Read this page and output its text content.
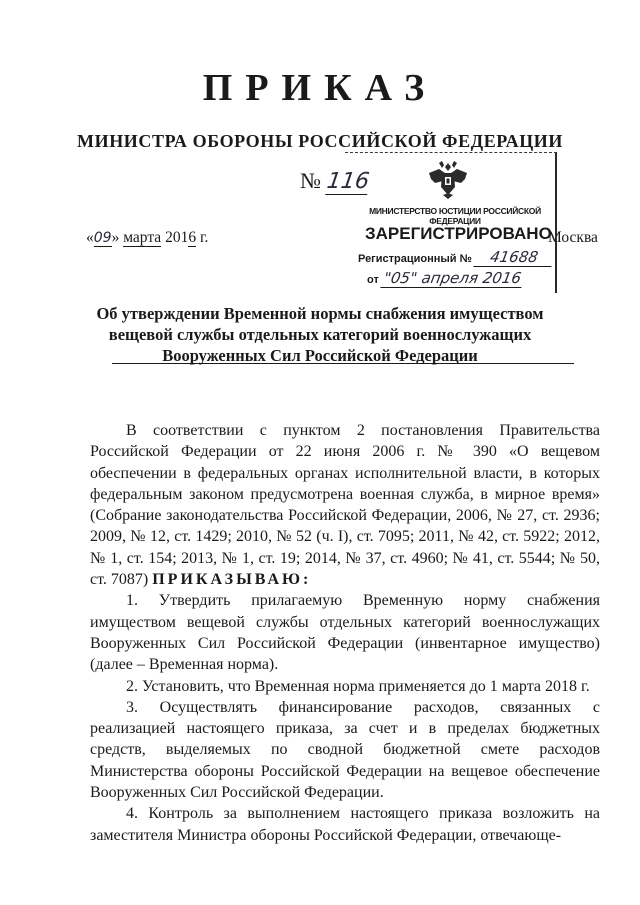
ПРИКАЗ
МИНИСТРА ОБОРОНЫ РОССИЙСКОЙ ФЕДЕРАЦИИ
№ 116
«09» марта 2016 г.	Москва
МИНИСТЕРСТВО ЮСТИЦИИ РОССИЙСКОЙ ФЕДЕРАЦИИ
ЗАРЕГИСТРИРОВАНО
Регистрационный № 41688
от "05" апреля 2016
Об утверждении Временной нормы снабжения имуществом
вещевой службы отдельных категорий военнослужащих
Вооруженных Сил Российской Федерации

В соответствии с пунктом 2 постановления Правительства Российской Федерации от 22 июня 2006 г. № 390 «О вещевом обеспечении в федеральных органах исполнительной власти, в которых федеральным законом предусмотрена военная служба, в мирное время» (Собрание законодательства Российской Федерации, 2006, № 27, ст. 2936; 2009, № 12, ст. 1429; 2010, № 52 (ч. I), ст. 7095; 2011, № 42, ст. 5922; 2012, № 1, ст. 154; 2013, № 1, ст. 19; 2014, № 37, ст. 4960; № 41, ст. 5544; № 50, ст. 7087) ПРИКАЗЫВАЮ:

1. Утвердить прилагаемую Временную норму снабжения имуществом вещевой службы отдельных категорий военнослужащих Вооруженных Сил Российской Федерации (инвентарное имущество) (далее – Временная норма).

2. Установить, что Временная норма применяется до 1 марта 2018 г.

3. Осуществлять финансирование расходов, связанных с реализацией настоящего приказа, за счет и в пределах бюджетных средств, выделяемых по сводной бюджетной смете расходов Министерства обороны Российской Федерации на вещевое обеспечение Вооруженных Сил Российской Федерации.

4. Контроль за выполнением настоящего приказа возложить на заместителя Министра обороны Российской Федерации, отвечающе-
